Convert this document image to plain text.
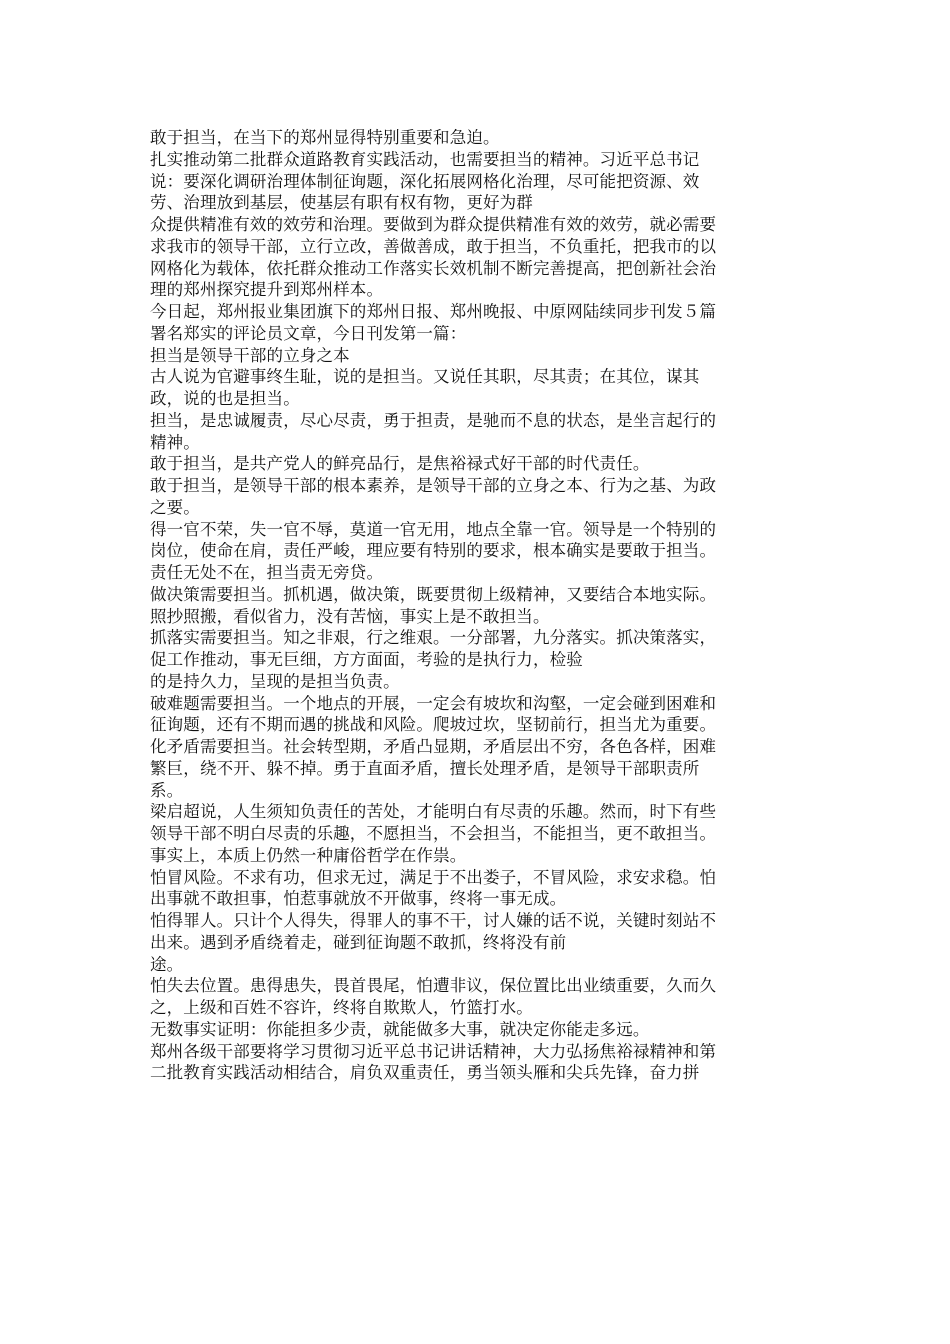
敢于担当，在当下的郑州显得特别重要和急迫。
扎实推动第二批群众道路教育实践活动，也需要担当的精神。习近平总书记
说：要深化调研治理体制征询题，深化拓展网格化治理，尽可能把资源、效
劳、治理放到基层，使基层有职有权有物，更好为群
众提供精准有效的效劳和治理。要做到为群众提供精准有效的效劳，就必需要
求我市的领导干部，立行立改，善做善成，敢于担当，不负重托，把我市的以
网格化为载体，依托群众推动工作落实长效机制不断完善提高，把创新社会治
理的郑州探究提升到郑州样本。
今日起，郑州报业集团旗下的郑州日报、郑州晚报、中原网陆续同步刊发５篇
署名郑实的评论员文章，今日刊发第一篇：
担当是领导干部的立身之本
古人说为官避事终生耻，说的是担当。又说任其职，尽其责；在其位，谋其
政，说的也是担当。
担当，是忠诚履责，尽心尽责，勇于担责，是驰而不息的状态，是坐言起行的
精神。
敢于担当，是共产党人的鲜亮品行，是焦裕禄式好干部的时代责任。
敢于担当，是领导干部的根本素养，是领导干部的立身之本、行为之基、为政
之要。
得一官不荣，失一官不辱，莫道一官无用，地点全靠一官。领导是一个特别的
岗位，使命在肩，责任严峻，理应要有特别的要求，根本确实是要敢于担当。
责任无处不在，担当责无旁贷。
做决策需要担当。抓机遇，做决策，既要贯彻上级精神，又要结合本地实际。
照抄照搬，看似省力，没有苦恼，事实上是不敢担当。
抓落实需要担当。知之非艰，行之维艰。一分部署，九分落实。抓决策落实，
促工作推动，事无巨细，方方面面，考验的是执行力，检验
的是持久力，呈现的是担当负责。
破难题需要担当。一个地点的开展，一定会有坡坎和沟壑，一定会碰到困难和
征询题，还有不期而遇的挑战和风险。爬坡过坎，坚韧前行，担当尤为重要。
化矛盾需要担当。社会转型期，矛盾凸显期，矛盾层出不穷，各色各样，困难
繁巨，绕不开、躲不掉。勇于直面矛盾，擅长处理矛盾，是领导干部职责所
系。
梁启超说，人生须知负责任的苦处，才能明白有尽责的乐趣。然而，时下有些
领导干部不明白尽责的乐趣，不愿担当，不会担当，不能担当，更不敢担当。
事实上，本质上仍然一种庸俗哲学在作祟。
怕冒风险。不求有功，但求无过，满足于不出娄子，不冒风险，求安求稳。怕
出事就不敢担事，怕惹事就放不开做事，终将一事无成。
怕得罪人。只计个人得失，得罪人的事不干，讨人嫌的话不说，关键时刻站不
出来。遇到矛盾绕着走，碰到征询题不敢抓，终将没有前
途。
怕失去位置。患得患失，畏首畏尾，怕遭非议，保位置比出业绩重要，久而久
之，上级和百姓不容许，终将自欺欺人，竹篮打水。
无数事实证明：你能担多少责，就能做多大事，就决定你能走多远。
郑州各级干部要将学习贯彻习近平总书记讲话精神，大力弘扬焦裕禄精神和第
二批教育实践活动相结合，肩负双重责任，勇当领头雁和尖兵先锋，奋力拼
